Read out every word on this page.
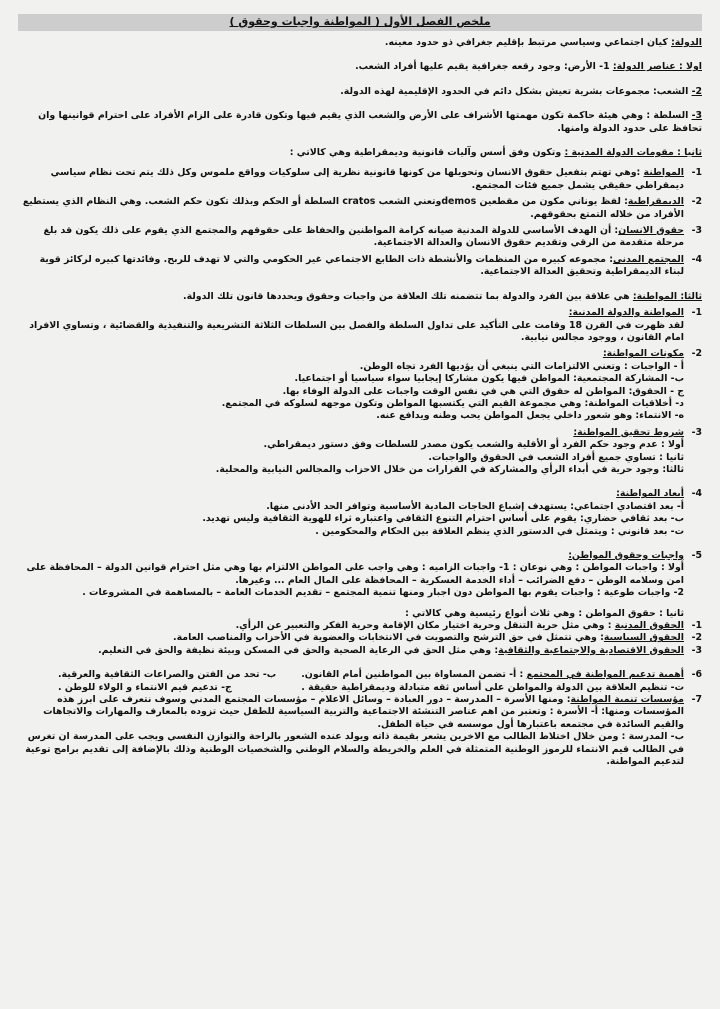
ملخص الفصل الأول ( المواطنة واجبات وحقوق )

الدولة: كيان اجتماعي وسياسي مرتبط بإقليم جغرافي ذو حدود معينه.

اولا : عناصر الدولة: 1- الأرض: وجود رقعه جغرافية يقيم عليها أفراد الشعب.

2- الشعب: مجموعات بشرية تعيش بشكل دائم في الحدود الإقليمية لهذه الدولة.

3- السلطة : وهي هيئة حاكمة تكون مهمتها الأشراف على الأرض والشعب الذي يقيم فيها وتكون قادرة على الزام الأفراد على احترام قوانينها وان تحافظ على حدود الدولة وامنها.

ثانيا : مقومات الدولة المدنية : وتكون وفق أسس وآليات قانونية وديمقراطية وهي كالاتي :

1-
المواطنة :وهي تهتم بتفعيل حقوق الانسان وتحويلها من كونها قانونية نظرية إلى سلوكيات وواقع ملموس وكل ذلك يتم تحت نظام سياسي ديمقراطي حقيقي يشمل جميع فئات المجتمع.
2-
الديمقراطية: لفظ يوناني مكون من مقطعين demosوتعني الشعب cratos السلطة أو الحكم وبذلك تكون حكم الشعب. وهي النظام الذي يستطيع الأفراد من خلاله التمتع بحقوقهم.
3-
حقوق الانسان: أن الهدف الأساسي للدولة المدنية صيانه كرامة المواطنين والحفاظ على حقوقهم والمجتمع الذي يقوم على ذلك يكون قد بلغ مرحلة متقدمة من الرقي وتقديم حقوق الانسان والعدالة الاجتماعية.
4-
المجتمع المدني: مجموعه كبيره من المنظمات والأنشطة ذات الطابع الاجتماعي غير الحكومي والتي لا تهدف للربح. وفائدتها كبيره لركائز قوية لبناء الديمقراطية وتحقيق العدالة الاجتماعية.

ثالثا: المواطنة: هي علاقة بين الفرد والدولة بما تتضمنه تلك العلاقة من واجبات وحقوق ويحددها قانون تلك الدولة.

1-
المواطنة والدولة المدنية:
لقد ظهرت في القرن 18 وقامت على التأكيد على تداول السلطة والفصل بين السلطات الثلاثة التشريعية والتنفيذية والقضائية ، وتساوي الافراد امام القانون ، ووجود مجالس نيابية.
2-
مكونات المواطنة:
أ - الواجبات : وتعني الالتزامات التي ينبغي أن يؤديها الفرد تجاه الوطن.
ب- المشاركة المجتمعية: المواطن فيها يكون مشاركا إيجابيا سواء سياسيا أو اجتماعيا.
ج - الحقوق: المواطن له حقوق التي هي في نفس الوقت واجبات على الدولة الوفاء بها.
د- أخلاقيات المواطنة: وهي مجموعة القيم التي يكتسبها المواطن وتكون موجهه لسلوكه في المجتمع.
ه- الانتماء: وهو شعور داخلي يجعل المواطن يحب وطنه ويدافع عنه.
3-
شروط تحقيق المواطنة:
أولا : عدم وجود حكم الفرد أو الأقلية والشعب يكون مصدر للسلطات وفق دستور ديمقراطي.
ثانيا : تساوي جميع أفراد الشعب في الحقوق والواجبات.
ثالثا: وجود حرية في أبداء الرأي والمشاركة في القرارات من خلال الاحزاب والمجالس النيابية والمحلية.
4-
أبعاد المواطنة:
أ- بعد اقتصادي اجتماعي: يستهدف إشباع الحاجات المادية الأساسية وتوافر الحد الأدنى منها.
ب- بعد ثقافي حضاري: يقوم على أساس احترام التنوع الثقافي واعتباره ثراء للهوية الثقافية وليس تهديد.
ت- بعد قانوني : ويتمثل في الدستور الذي ينظم العلاقة بين الحكام والمحكومين .
5-
واجبات وحقوق المواطن:
أولا : واجبات المواطن : وهي نوعان : 1- واجبات الزاميه : وهي واجب على المواطن الالتزام بها وهي مثل احترام قوانين الدولة – المحافظة على امن وسلامه الوطن – دفع الضرائب – أداء الخدمة العسكرية – المحافظة على المال العام ... وغيرها.
2- واجبات طوعية : واجبات يقوم بها المواطن دون اجبار ومنها تنمية المجتمع – تقديم الخدمات العامة – بالمساهمة في المشروعات .

ثانيا : حقوق المواطن : وهي ثلاث أنواع رئيسية وهي كالاتي :

1-
الحقوق المدنية : وهي مثل حرية التنقل وحرية اختيار مكان الإقامة وحرية الفكر والتعبير عن الرأي.
2-
الحقوق السياسية: وهي تتمثل في حق الترشح والتصويت في الانتخابات والعضوية في الأحزاب والمناصب العامة.
3-
الحقوق الاقتصادية والاجتماعية والثقافية: وهي مثل الحق في الرعاية الصحية والحق في المسكن وبيئة نظيفة والحق في التعليم.
6-
أهمية تدعيم المواطنة في المجتمع : أ- تضمن المساواة بين المواطنين أمام القانون.
ب- تحد من الفتن والصراعات الثقافية والعرقية.
ت- تنظيم العلاقة بين الدولة والمواطن على أساس ثقه متبادلة وديمقراطية حقيقة .
ج- تدعيم قيم الانتماء و الولاء للوطن .
7-
مؤسسات تنمية المواطنة: ومنها الأسرة – المدرسة – دور العبادة – وسائل الاعلام – مؤسسات المجتمع المدني وسوف نتعرف على ابرز هذه المؤسسات ومنها: أ- الأسرة : وتعتبر من اهم عناصر التنشئة الاجتماعية والتربية السياسية للطفل حيث تزوده بالمعارف والمهارات والاتجاهات والقيم السائدة في مجتمعه باعتبارها أول موسسه في حياة الطفل.
ب- المدرسة : ومن خلال اختلاط الطالب مع الاخرين يشعر بقيمة ذاته ويولد عنده الشعور بالراحة والتوازن النفسي ويجب على المدرسة ان تغرس في الطالب قيم الانتماء للرموز الوطنية المتمثلة في العلم والخريطة والسلام الوطني والشخصيات الوطنية وذلك بالإضافة إلى تقديم برامج توعية لتدعيم المواطنة.
